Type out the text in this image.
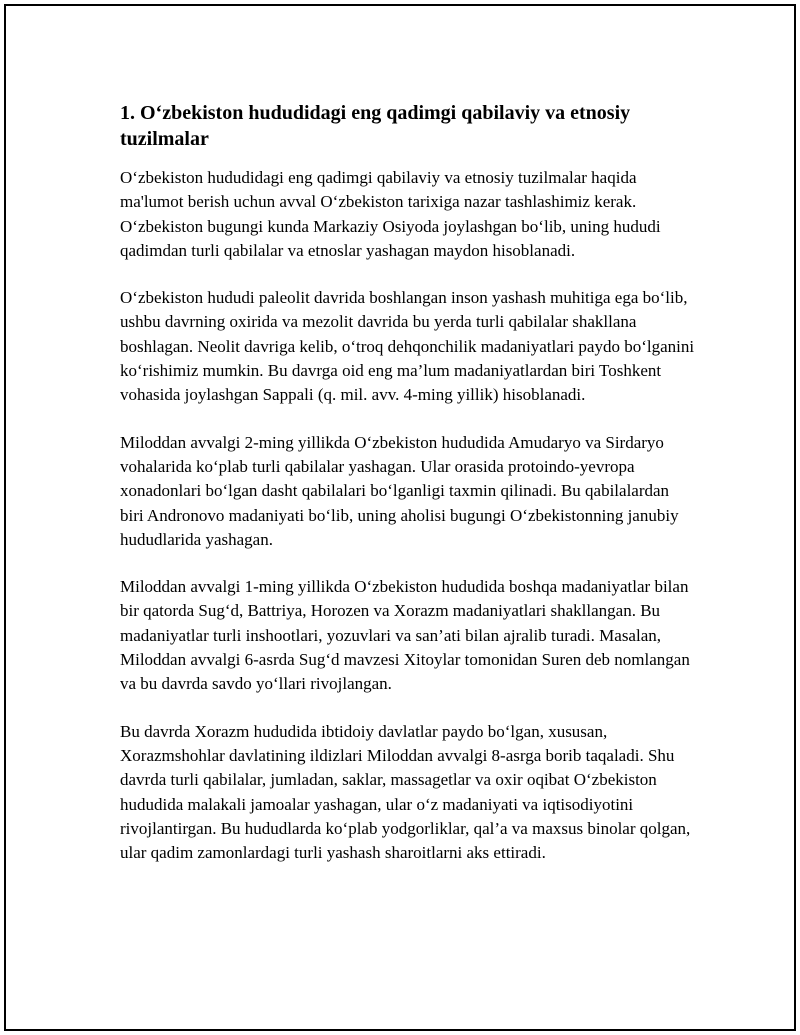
1. O‘zbekiston hududidagi eng qadimgi qabilaviy va etnosiy tuzilmalar

O‘zbekiston hududidagi eng qadimgi qabilaviy va etnosiy tuzilmalar haqida ma'lumot berish uchun avval O‘zbekiston tarixiga nazar tashlashimiz kerak. O‘zbekiston bugungi kunda Markaziy Osiyoda joylashgan bo‘lib, uning hududi qadimdan turli qabilalar va etnoslar yashagan maydon hisoblanadi.

O‘zbekiston hududi paleolit davrida boshlangan inson yashash muhitiga ega bo‘lib, ushbu davrning oxirida va mezolit davrida bu yerda turli qabilalar shakllana boshlagan. Neolit davriga kelib, o‘troq dehqonchilik madaniyatlari paydo bo‘lganini ko‘rishimiz mumkin. Bu davrga oid eng ma’lum madaniyatlardan biri Toshkent vohasida joylashgan Sappali (q. mil. avv. 4-ming yillik) hisoblanadi.

Miloddan avvalgi 2-ming yillikda O‘zbekiston hududida Amudaryo va Sirdaryo vohalarida ko‘plab turli qabilalar yashagan. Ular orasida protoindo-yevropa xonadonlari bo‘lgan dasht qabilalari bo‘lganligi taxmin qilinadi. Bu qabilalardan biri Andronovo madaniyati bo‘lib, uning aholisi bugungi O‘zbekistonning janubiy hududlarida yashagan.

Miloddan avvalgi 1-ming yillikda O‘zbekiston hududida boshqa madaniyatlar bilan bir qatorda Sug‘d, Battriya, Horozen va Xorazm madaniyatlari shakllangan. Bu madaniyatlar turli inshootlari, yozuvlari va san’ati bilan ajralib turadi. Masalan, Miloddan avvalgi 6-asrda Sug‘d mavzesi Xitoylar tomonidan Suren deb nomlangan va bu davrda savdo yo‘llari rivojlangan.

Bu davrda Xorazm hududida ibtidoiy davlatlar paydo bo‘lgan, xususan, Xorazmshohlar davlatining ildizlari Miloddan avvalgi 8-asrga borib taqaladi. Shu davrda turli qabilalar, jumladan, saklar, massagetlar va oxir oqibat O‘zbekiston hududida malakali jamoalar yashagan, ular o‘z madaniyati va iqtisodiyotini rivojlantirgan. Bu hududlarda ko‘plab yodgorliklar, qal’a va maxsus binolar qolgan, ular qadim zamonlardagi turli yashash sharoitlarni aks ettiradi.
